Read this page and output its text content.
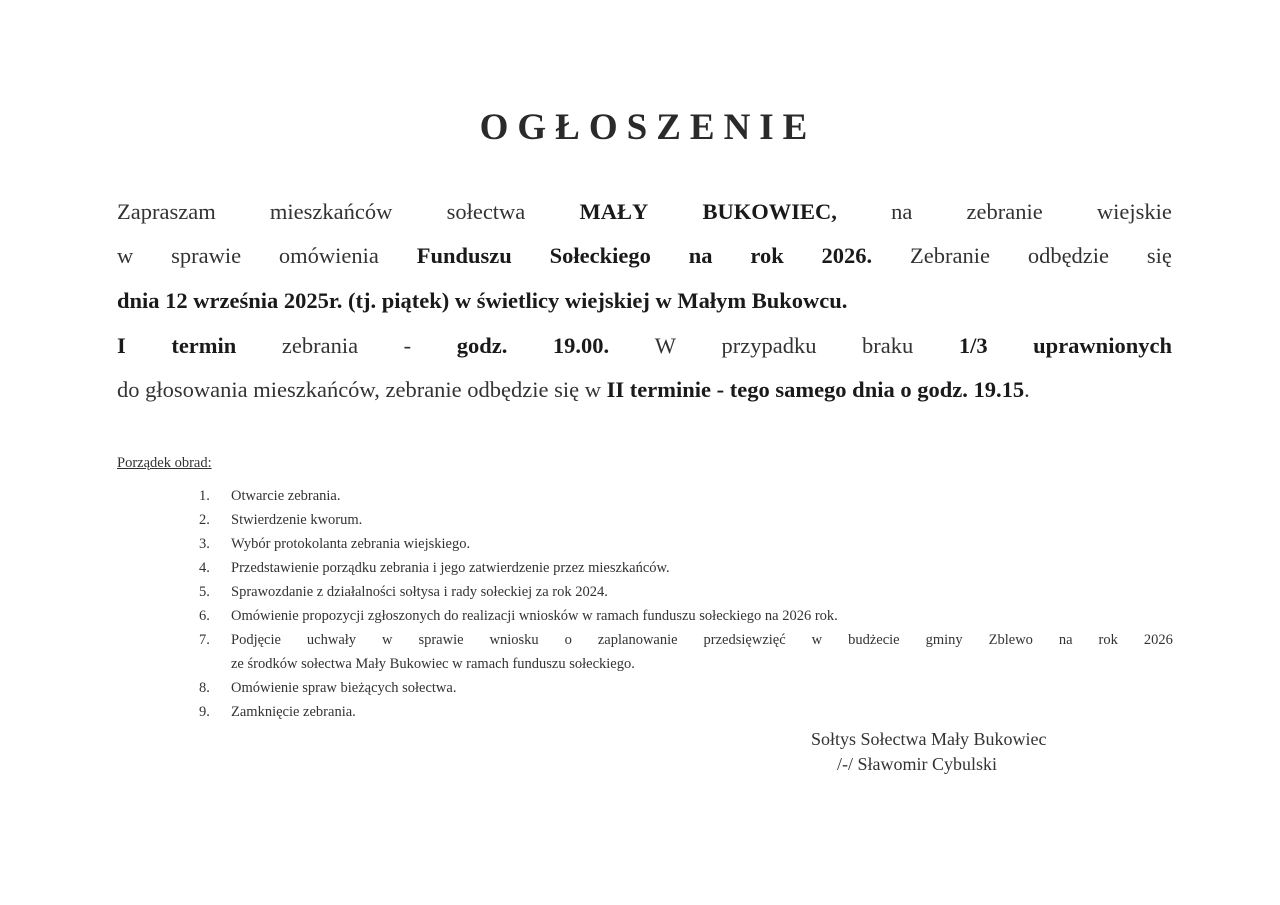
OGŁOSZENIE
Zapraszam mieszkańców sołectwa MAŁY BUKOWIEC, na zebranie wiejskie
w sprawie omówienia Funduszu Sołeckiego na rok 2026. Zebranie odbędzie się
dnia 12 września 2025r. (tj. piątek) w świetlicy wiejskiej w Małym Bukowcu.
I termin zebrania - godz. 19.00. W przypadku braku 1/3 uprawnionych
do głosowania mieszkańców, zebranie odbędzie się w II terminie - tego samego dnia o godz. 19.15.
Porządek obrad:
1. Otwarcie zebrania.
2. Stwierdzenie kworum.
3. Wybór protokolanta zebrania wiejskiego.
4. Przedstawienie porządku zebrania i jego zatwierdzenie przez mieszkańców.
5. Sprawozdanie z działalności sołtysa i rady sołeckiej za rok 2024.
6. Omówienie propozycji zgłoszonych do realizacji wniosków w ramach funduszu sołeckiego na 2026 rok.
7. Podjęcie uchwały w sprawie wniosku o zaplanowanie przedsięwzięć w budżecie gminy Zblewo na rok 2026
ze środków sołectwa Mały Bukowiec w ramach funduszu sołeckiego.
8. Omówienie spraw bieżących sołectwa.
9. Zamknięcie zebrania.
Sołtys Sołectwa Mały Bukowiec
/-/ Sławomir Cybulski
